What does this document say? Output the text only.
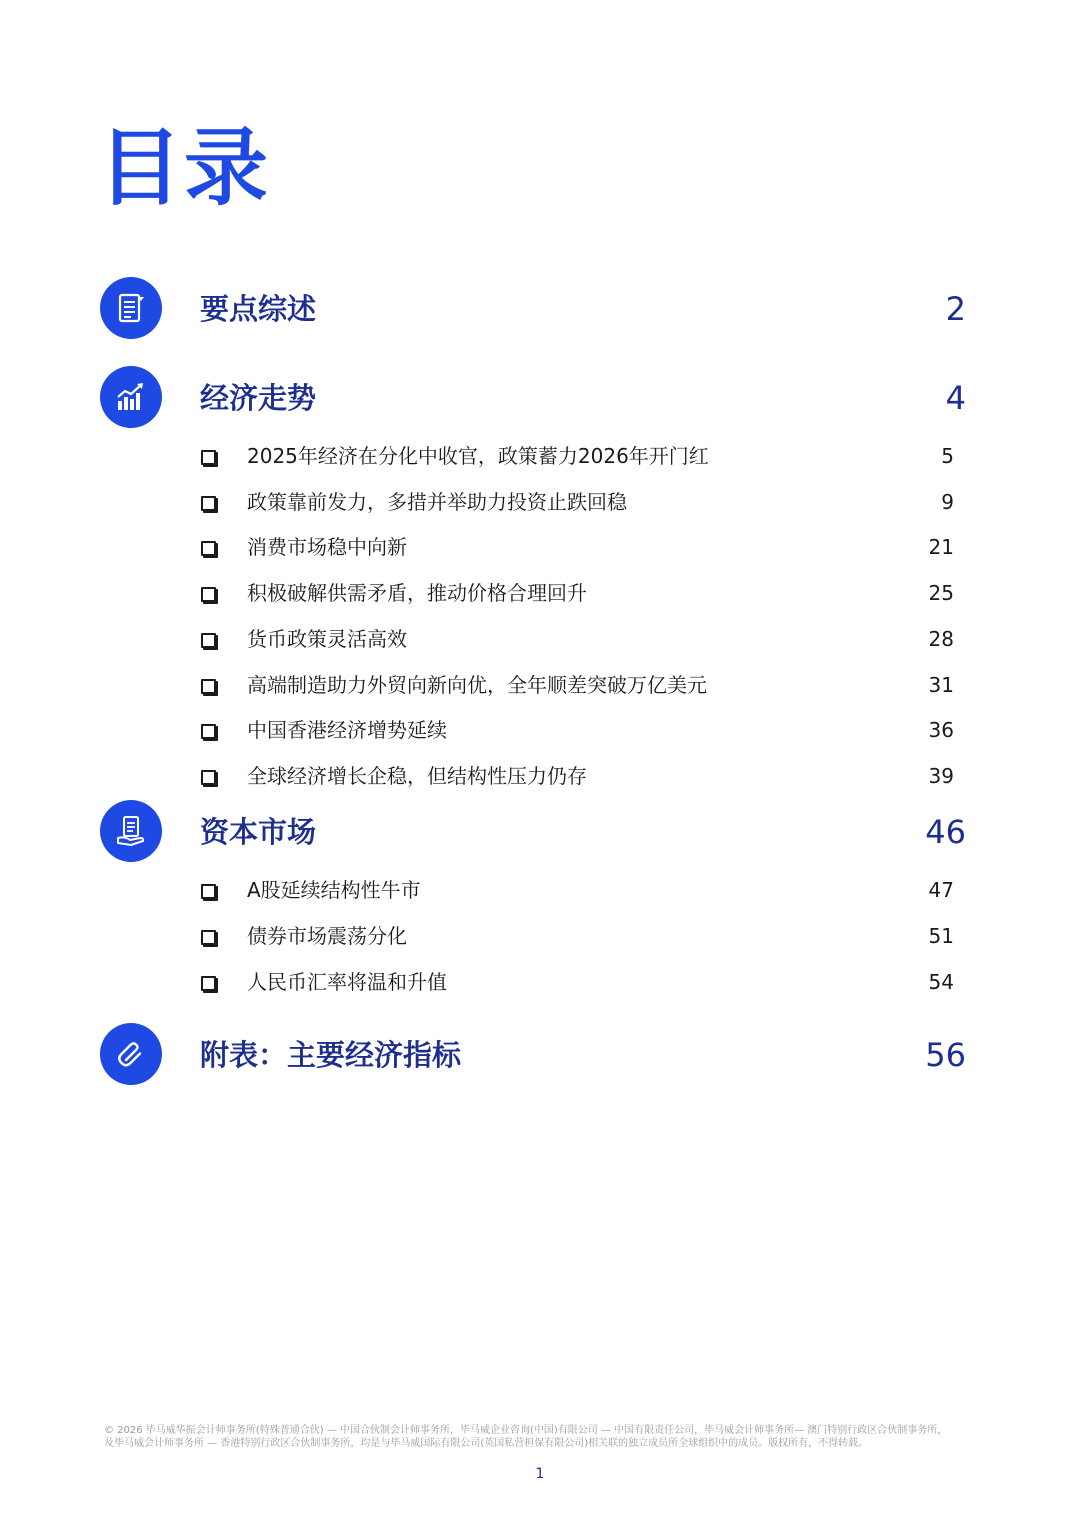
目录
要点综述	2
经济走势	4
2025年经济在分化中收官，政策蓄力2026年开门红	5
政策靠前发力，多措并举助力投资止跌回稳	9
消费市场稳中向新	21
积极破解供需矛盾，推动价格合理回升	25
货币政策灵活高效	28
高端制造助力外贸向新向优，全年顺差突破万亿美元	31
中国香港经济增势延续	36
全球经济增长企稳，但结构性压力仍存	39
资本市场	46
A股延续结构性牛市	47
债券市场震荡分化	51
人民币汇率将温和升值	54
附表：主要经济指标	56
© 2026 毕马威华振会计师事务所(特殊普通合伙) — 中国合伙制会计师事务所，毕马威企业咨询(中国)有限公司 — 中国有限责任公司，毕马威会计师事务所— 澳门特别行政区合伙制事务所，
及毕马威会计师事务所 — 香港特别行政区合伙制事务所，均是与毕马威国际有限公司(英国私营担保有限公司)相关联的独立成员所全球组织中的成员。版权所有，不得转载。
1
